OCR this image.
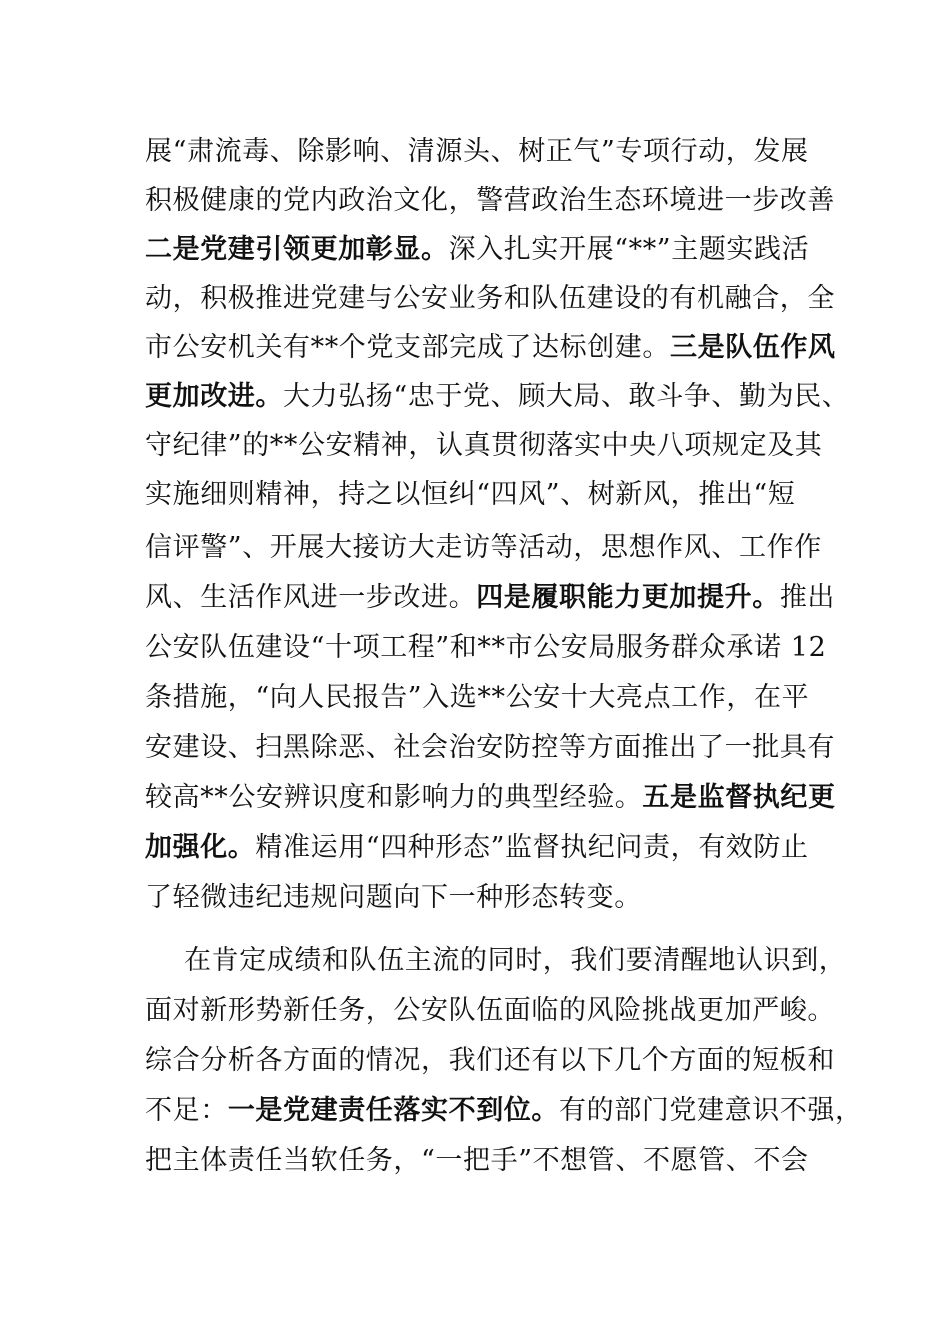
展“肃流毒、除影响、清源头、树正气”专项行动，发展
积极健康的党内政治文化，警营政治生态环境进一步改善
二是党建引领更加彰显。深入扎实开展“**”主题实践活
动，积极推进党建与公安业务和队伍建设的有机融合，全
市公安机关有**个党支部完成了达标创建。三是队伍作风
更加改进。大力弘扬“忠于党、顾大局、敢斗争、勤为民、
守纪律”的**公安精神，认真贯彻落实中央八项规定及其
实施细则精神，持之以恒纠“四风”、树新风，推出“短
信评警”、开展大接访大走访等活动，思想作风、工作作
风、生活作风进一步改进。四是履职能力更加提升。推出
公安队伍建设“十项工程”和**市公安局服务群众承诺 12
条措施，“向人民报告”入选**公安十大亮点工作，在平
安建设、扫黑除恶、社会治安防控等方面推出了一批具有
较高**公安辨识度和影响力的典型经验。五是监督执纪更
加强化。精准运用“四种形态”监督执纪问责，有效防止
了轻微违纪违规问题向下一种形态转变。
在肯定成绩和队伍主流的同时，我们要清醒地认识到，
面对新形势新任务，公安队伍面临的风险挑战更加严峻。
综合分析各方面的情况，我们还有以下几个方面的短板和
不足：一是党建责任落实不到位。有的部门党建意识不强，
把主体责任当软任务，“一把手”不想管、不愿管、不会
